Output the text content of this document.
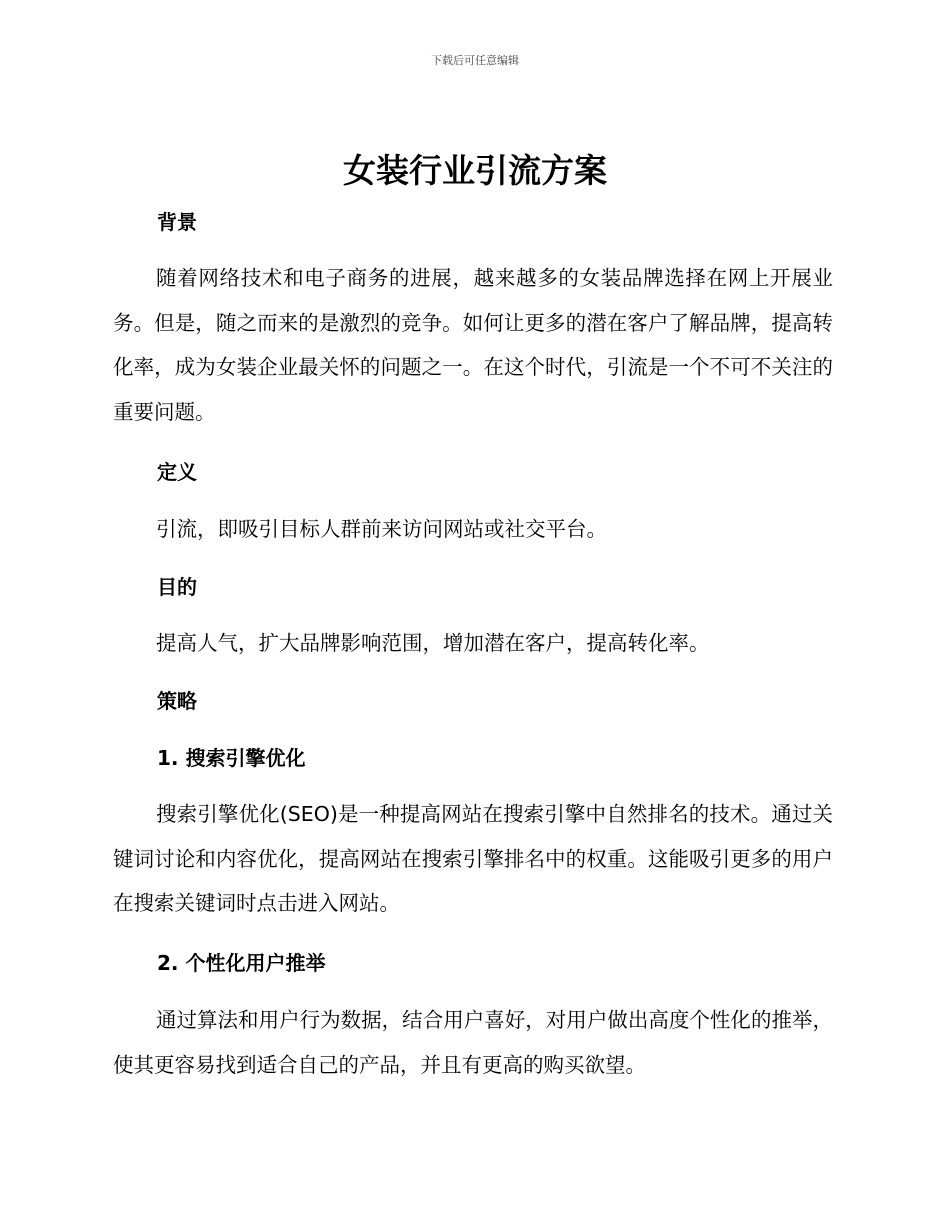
下载后可任意编辑
女装行业引流方案
背景

随着网络技术和电子商务的进展，越来越多的女装品牌选择在网上开展业务。但是，随之而来的是激烈的竞争。如何让更多的潜在客户了解品牌，提高转化率，成为女装企业最关怀的问题之一。在这个时代，引流是一个不可不关注的重要问题。

定义

引流，即吸引目标人群前来访问网站或社交平台。

目的

提高人气，扩大品牌影响范围，增加潜在客户，提高转化率。

策略
1. 搜索引擎优化

搜索引擎优化(SEO)是一种提高网站在搜索引擎中自然排名的技术。通过关键词讨论和内容优化，提高网站在搜索引擎排名中的权重。这能吸引更多的用户在搜索关键词时点击进入网站。

2. 个性化用户推举

通过算法和用户行为数据，结合用户喜好，对用户做出高度个性化的推举，使其更容易找到适合自己的产品，并且有更高的购买欲望。
